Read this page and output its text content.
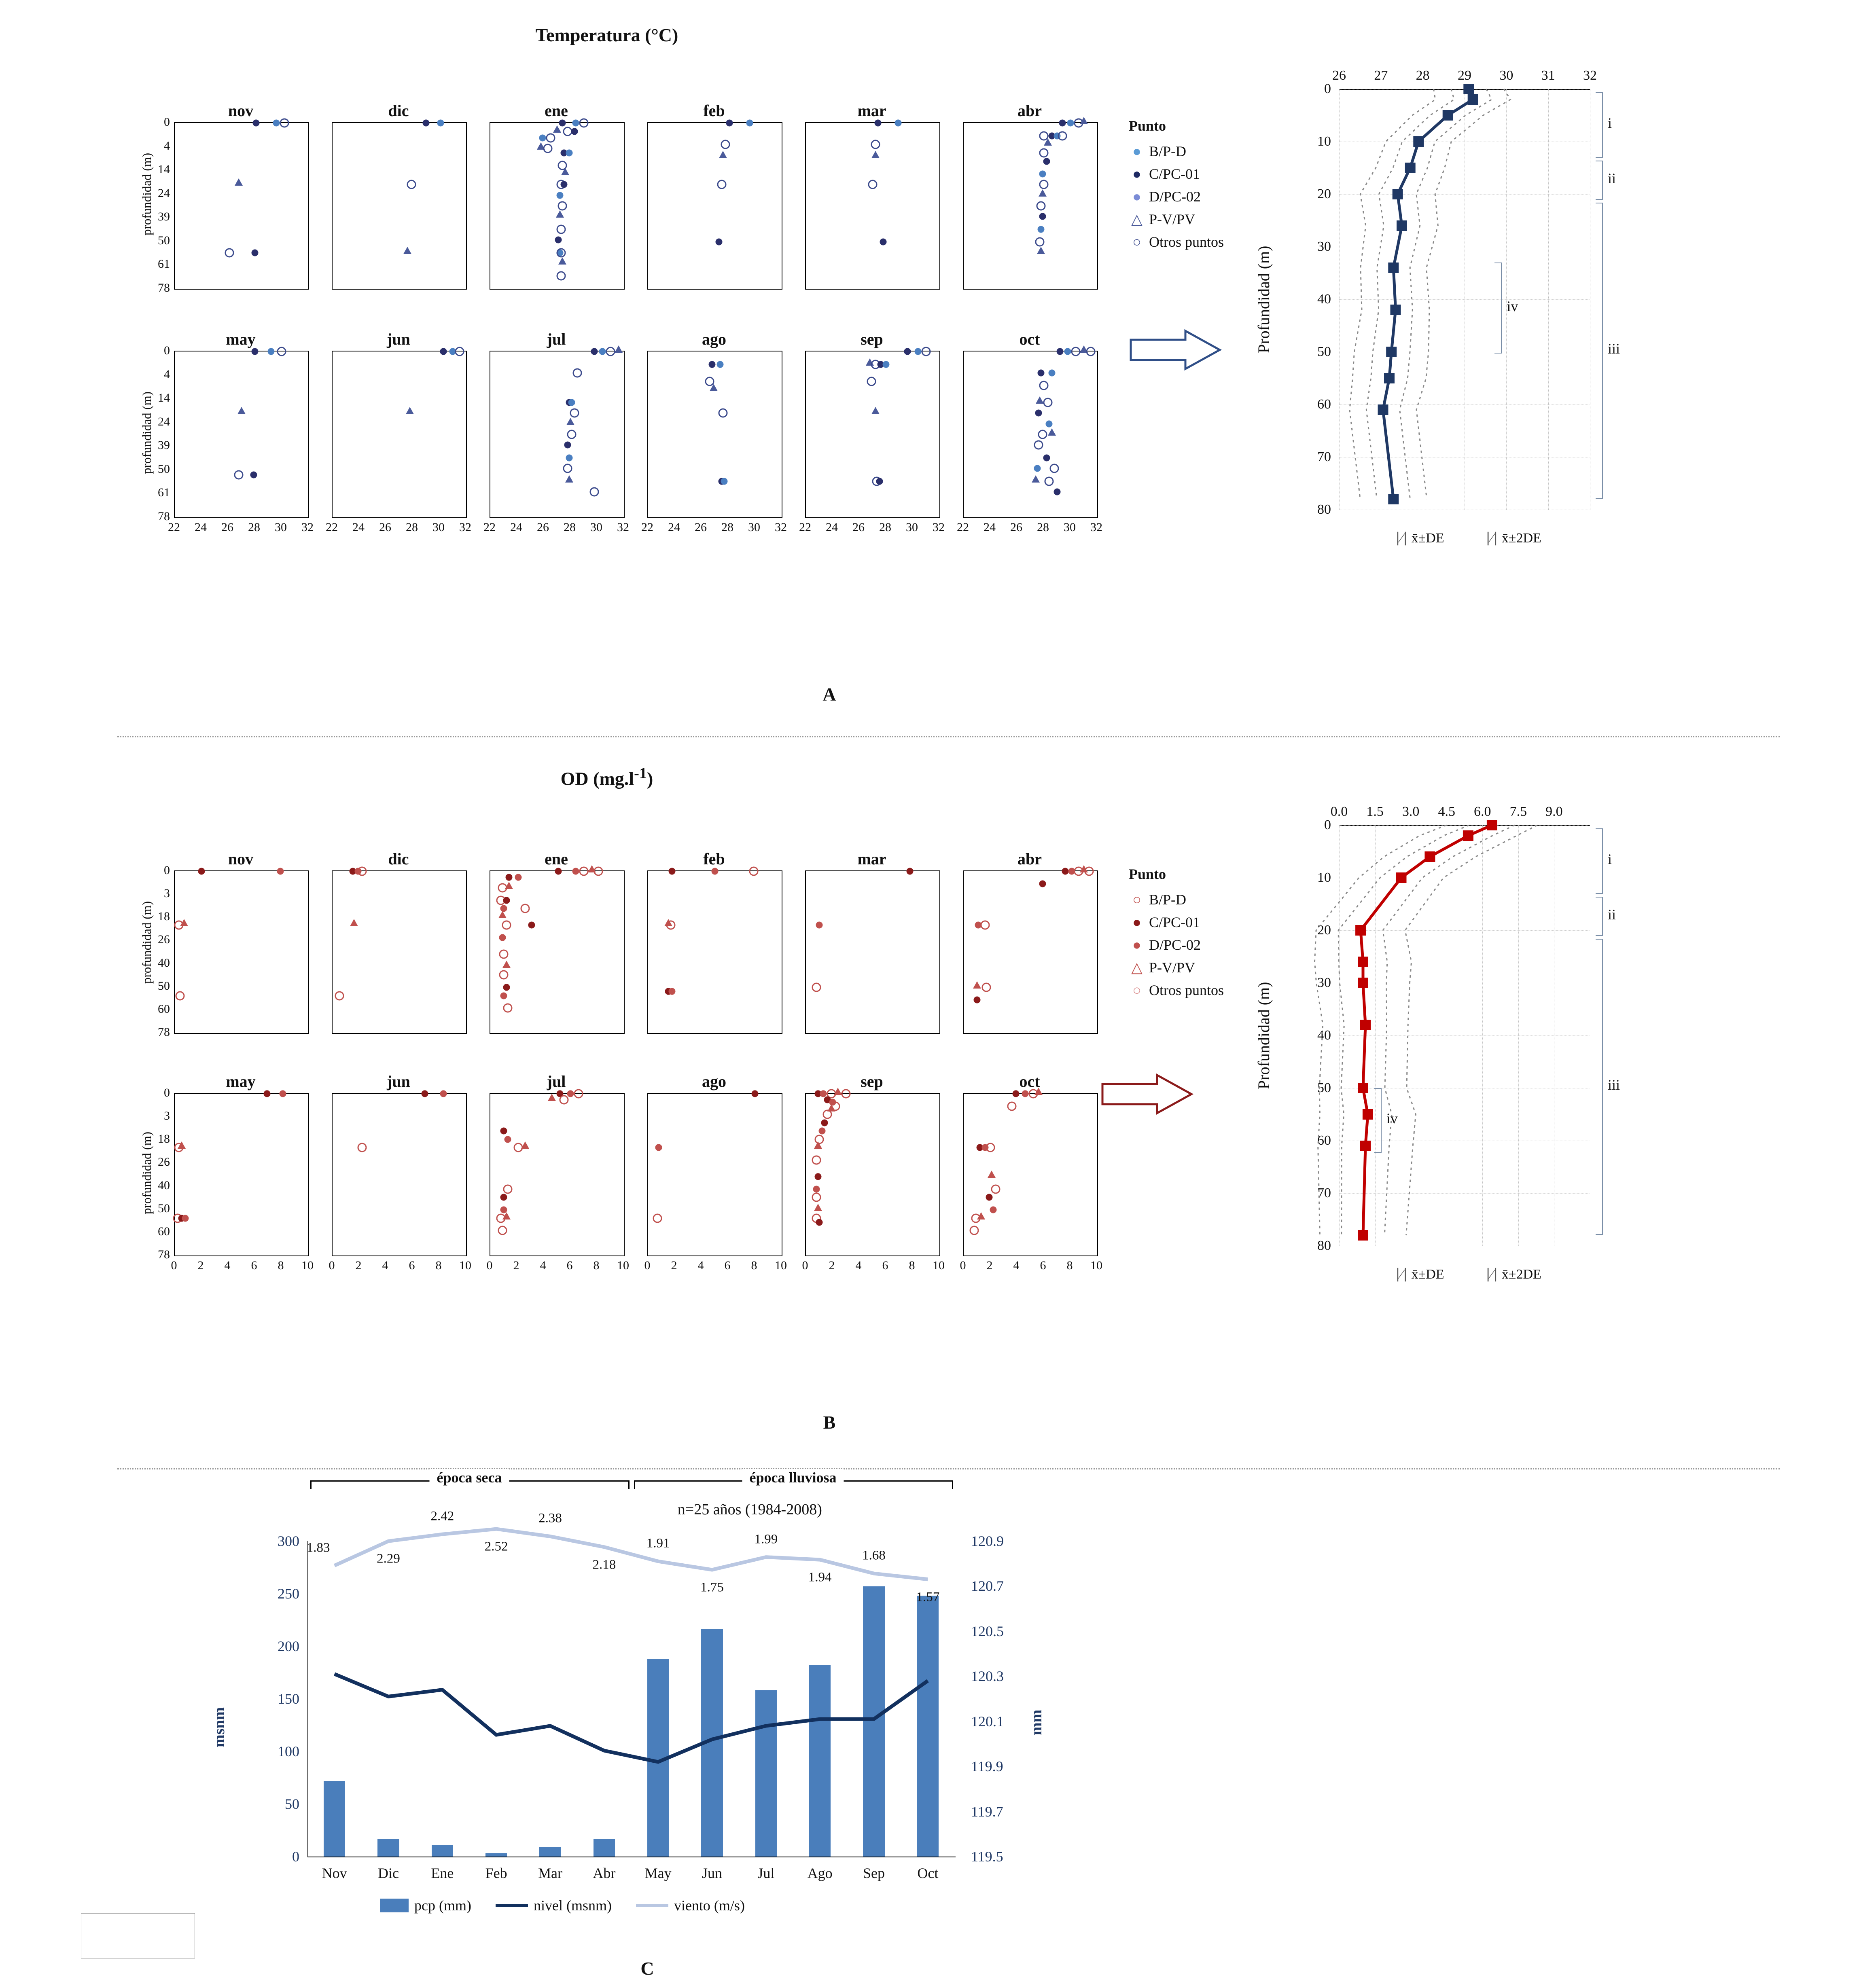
Temperatura (°C)
profundidad (m)
profundidad (m)
nov
0
4
14
24
39
50
61
78
dic	ene	feb	mar	abr
may
0
4
14
24
39
50
61
78
22 24 26 28 30 32
jun
22 24 26 28 30 32
jul
22 24 26 28 30 32
ago
22 24 26 28 30 32
sep
22 24 26 28 30 32
oct
22 24 26 28 30 32
Punto
● B/P-D
● C/PC-01
● D/PC-02
△ P-V/PV
○ Otros puntos
26 27 28 29 30 31 32
0
10
20
30
40
50
60
70
80
Profundidad (m)
i
ii
iii
iv
∣⁄∣ x̄±DE	∣⁄∣ x̄±2DE
A
OD $(mg.l^{-1})$
profundidad (m)
profundidad (m)
nov
0
3
18
26
40
50
60
78
dic	ene	feb	mar	abr
may
0
3
18
26
40
50
60
78
0 2 4 6 8 10
jun
0 2 4 6 8 10
jul
0 2 4 6 8 10
ago
0 2 4 6 8 10
sep
0 2 4 6 8 10
oct
0 2 4 6 8 10
Punto
○ B/P-D
● C/PC-01
● D/PC-02
△ P-V/PV
○ Otros puntos
0.0 1.5 3.0 4.5 6.0 7.5 9.0
0
10
20
30
40
50
60
70
80
Profundidad (m)
i
ii
iii
iv
∣⁄∣ x̄±DE	∣⁄∣ x̄±2DE
B
300
250
200
150
100
50
0
120.9
120.7
120.5
120.3
120.1
119.9
119.7
119.5
msnm	mm
Nov Dic Ene Feb Mar Abr May Jun Jul Ago Sep Oct
1.83
2.29
2.42
2.52
2.38
2.18
1.91
1.75
1.99
1.94
1.68
1.57
época seca	época lluviosa
n=25 años (1984-2008)
pcp (mm)	nivel (msnm)	viento (m/s)
C
